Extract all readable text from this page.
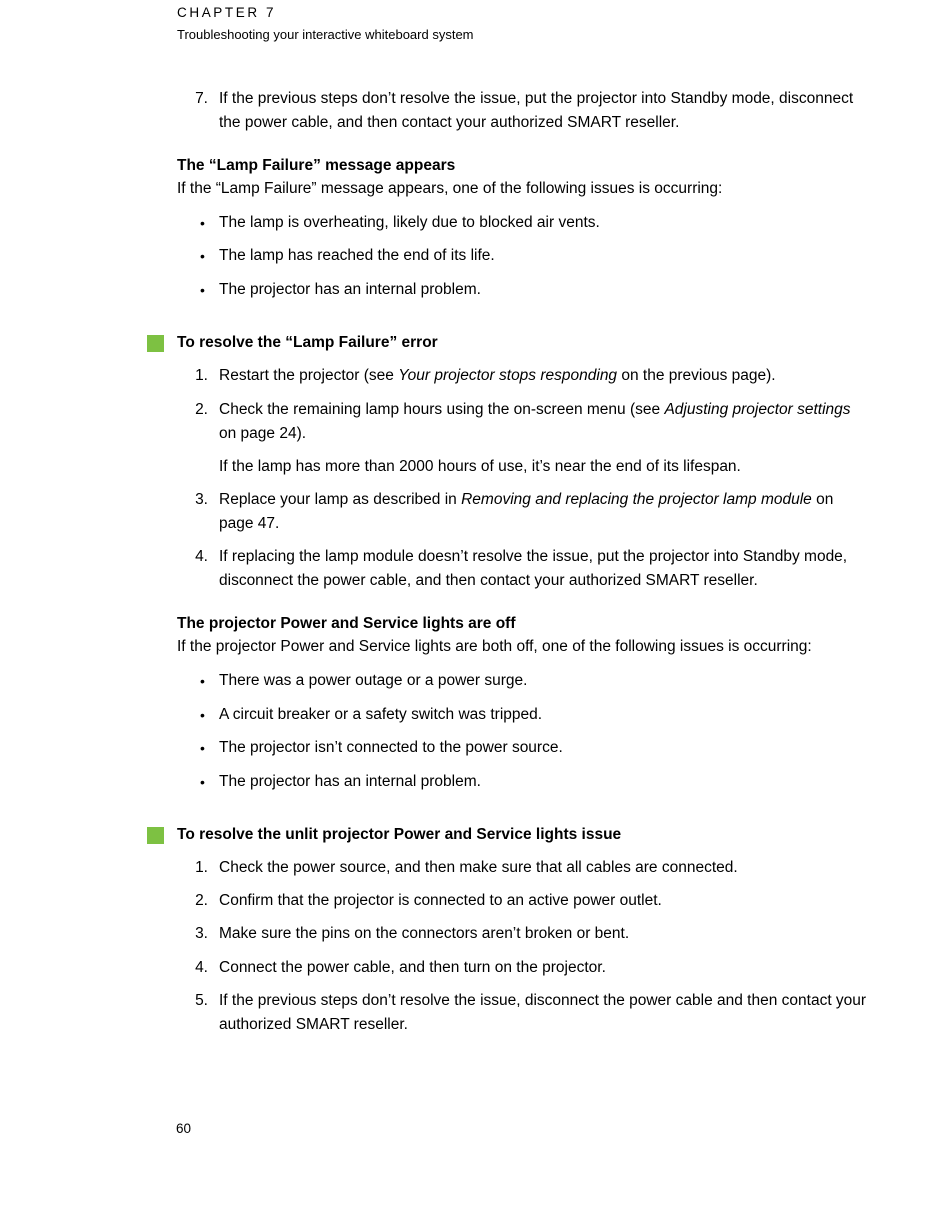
CHAPTER 7
Troubleshooting your interactive whiteboard system
7. If the previous steps don’t resolve the issue, put the projector into Standby mode, disconnect the power cable, and then contact your authorized SMART reseller.
The “Lamp Failure” message appears
If the “Lamp Failure” message appears, one of the following issues is occurring:
• The lamp is overheating, likely due to blocked air vents.
• The lamp has reached the end of its life.
• The projector has an internal problem.
To resolve the “Lamp Failure” error
1. Restart the projector (see Your projector stops responding on the previous page).
2. Check the remaining lamp hours using the on-screen menu (see Adjusting projector settings on page 24).
If the lamp has more than 2000 hours of use, it’s near the end of its lifespan.
3. Replace your lamp as described in Removing and replacing the projector lamp module on page 47.
4. If replacing the lamp module doesn’t resolve the issue, put the projector into Standby mode, disconnect the power cable, and then contact your authorized SMART reseller.
The projector Power and Service lights are off
If the projector Power and Service lights are both off, one of the following issues is occurring:
• There was a power outage or a power surge.
• A circuit breaker or a safety switch was tripped.
• The projector isn’t connected to the power source.
• The projector has an internal problem.
To resolve the unlit projector Power and Service lights issue
1. Check the power source, and then make sure that all cables are connected.
2. Confirm that the projector is connected to an active power outlet.
3. Make sure the pins on the connectors aren’t broken or bent.
4. Connect the power cable, and then turn on the projector.
5. If the previous steps don’t resolve the issue, disconnect the power cable and then contact your authorized SMART reseller.
60
